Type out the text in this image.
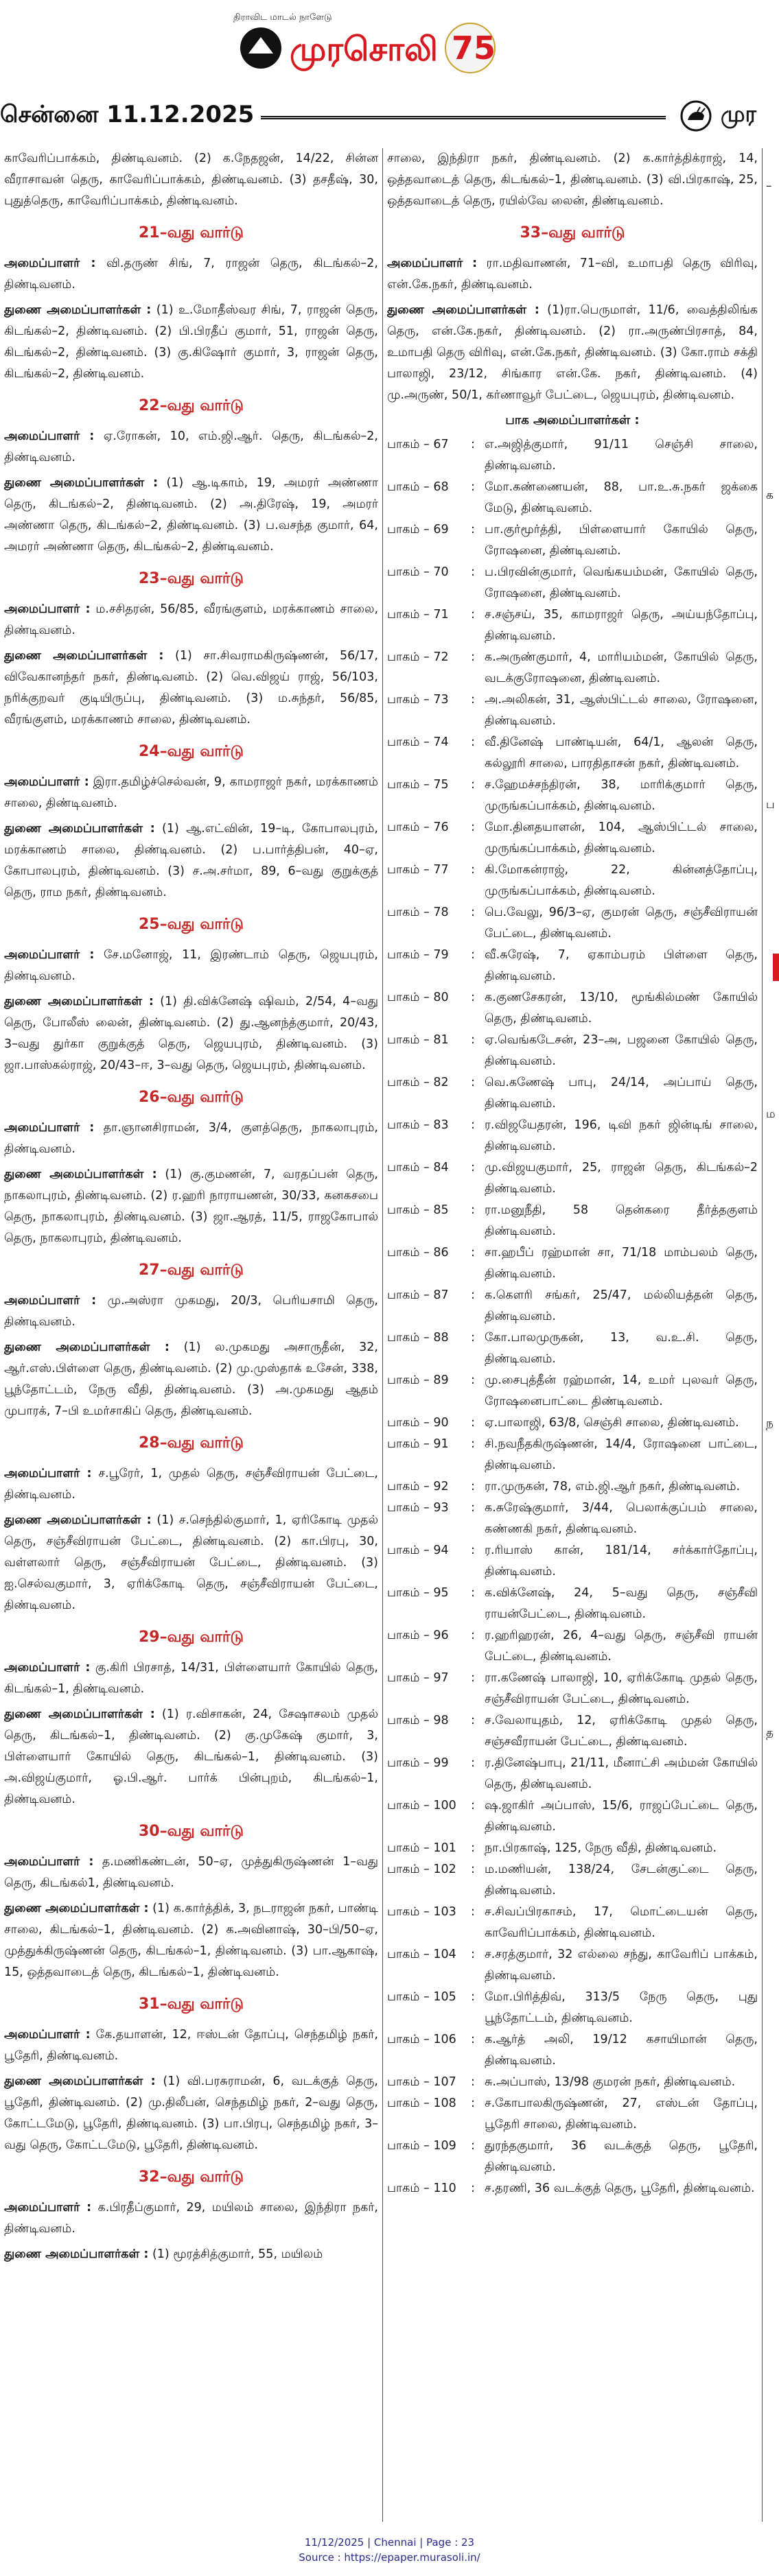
முரசொலி 75
திராவிட மாடல் நாளேடு
சென்னை 11.12.2025	முர

காவேரிப்பாக்கம், திண்டிவனம். (2) க.நேதஜன், 14/22, சின்ன வீராசாவன் தெரு, காவேரிப்பாக்கம், திண்டிவனம். (3) தசதீஷ், 30, புதுத்தெரு, காவேரிப்பாக்கம், திண்டிவனம்.

21–வது வார்டு

அமைப்பாளர் : வி.தருண் சிங், 7, ராஜன் தெரு, கிடங்கல்–2, திண்டிவனம்.

துணை அமைப்பாளர்கள் : (1) உ.மோதீஸ்வர சிங், 7, ராஜன் தெரு, கிடங்கல்–2, திண்டிவனம். (2) பி.பிரதீப் குமார், 51, ராஜன் தெரு, கிடங்கல்–2, திண்டிவனம். (3) கு.கிஷோர் குமார், 3, ராஜன் தெரு, கிடங்கல்–2, திண்டிவனம்.

22–வது வார்டு

அமைப்பாளர் : ஏ.ரோகன், 10, எம்.ஜி.ஆர். தெரு, கிடங்கல்–2, திண்டிவனம்.

துணை அமைப்பாளர்கள் : (1) ஆ.டிகாம், 19, அமரர் அண்ணா தெரு, கிடங்கல்–2, திண்டிவனம். (2) அ.திரேஷ், 19, அமரர் அண்ணா தெரு, கிடங்கல்–2, திண்டிவனம். (3) ப.வசந்த குமார், 64, அமரர் அண்ணா தெரு, கிடங்கல்–2, திண்டிவனம்.

23–வது வார்டு

அமைப்பாளர் : ம.சசிதரன், 56/85, வீரங்குளம், மரக்காணம் சாலை, திண்டிவனம்.

துணை அமைப்பாளர்கள் : (1) சா.சிவராமகிருஷ்ணன், 56/17, விவேகானந்தர் நகர், திண்டிவனம். (2) வெ.விஜய் ராஜ், 56/103, நரிக்குறவர் குடியிருப்பு, திண்டிவனம். (3) ம.சுந்தர், 56/85, வீரங்குளம், மரக்காணம் சாலை, திண்டிவனம்.

24–வது வார்டு

அமைப்பாளர் : இரா.தமிழ்ச்செல்வன், 9, காமராஜர் நகர், மரக்காணம் சாலை, திண்டிவனம்.

துணை அமைப்பாளர்கள் : (1) ஆ.எட்வின், 19–டி, கோபாலபுரம், மரக்காணம் சாலை, திண்டிவனம். (2) ப.பார்த்திபன், 40–ஏ, கோபாலபுரம், திண்டிவனம். (3) ச.அ.சர்மா, 89, 6–வது குறுக்குத் தெரு, ராம நகர், திண்டிவனம்.

25–வது வார்டு

அமைப்பாளர் : சே.மனோஜ், 11, இரண்டாம் தெரு, ஜெயபுரம், திண்டிவனம்.

துணை அமைப்பாளர்கள் : (1) தி.விக்னேஷ் ஷிவம், 2/54, 4–வது தெரு, போலீஸ் லைன், திண்டிவனம். (2) து.ஆனந்த்குமார், 20/43, 3–வது துர்கா குறுக்குத் தெரு, ஜெயபுரம், திண்டிவனம். (3) ஜா.பாஸ்கல்ராஜ், 20/43–ஈ, 3–வது தெரு, ஜெயபுரம், திண்டிவனம்.

26–வது வார்டு

அமைப்பாளர் : தா.ஞானசிராமன், 3/4, குளத்தெரு, நாகலாபுரம், திண்டிவனம்.

துணை அமைப்பாளர்கள் : (1) கு.குமணன், 7, வரதப்பன் தெரு, நாகலாபுரம், திண்டிவனம். (2) ர.ஹரி நாராயணன், 30/33, கனகசபை தெரு, நாகலாபுரம், திண்டிவனம். (3) ஜா.ஆரத், 11/5, ராஜகோபால் தெரு, நாகலாபுரம், திண்டிவனம்.

27–வது வார்டு

அமைப்பாளர் : மு.அஸ்ரா முகமது, 20/3, பெரியசாமி தெரு, திண்டிவனம்.

துணை அமைப்பாளர்கள் : (1) ல.முகமது அசாருதீன், 32, ஆர்.எஸ்.பிள்ளை தெரு, திண்டிவனம். (2) மு.முஸ்தாக் உசேன், 338, பூந்தோட்டம், நேரு வீதி, திண்டிவனம். (3) அ.முகமது ஆதம் முபாரக், 7–பி உமர்சாகிப் தெரு, திண்டிவனம்.

28–வது வார்டு

அமைப்பாளர் : ச.பூரேர், 1, முதல் தெரு, சஞ்சீவிராயன் பேட்டை, திண்டிவனம்.

துணை அமைப்பாளர்கள் : (1) ச.செந்தில்குமார், 1, ஏரிகோடி முதல் தெரு, சஞ்சீவிராயன் பேட்டை, திண்டிவனம். (2) கா.பிரபு, 30, வள்ளலார் தெரு, சஞ்சீவிராயன் பேட்டை, திண்டிவனம். (3) ஐ.செல்வகுமார், 3, ஏரிக்கோடி தெரு, சஞ்சீவிராயன் பேட்டை, திண்டிவனம்.

29–வது வார்டு

அமைப்பாளர் : கு.கிரி பிரசாத், 14/31, பிள்ளையார் கோயில் தெரு, கிடங்கல்–1, திண்டிவனம்.

துணை அமைப்பாளர்கள் : (1) ர.விசாகன், 24, சேஷாசலம் முதல் தெரு, கிடங்கல்–1, திண்டிவனம். (2) கு.முகேஷ் குமார், 3, பிள்ளையார் கோயில் தெரு, கிடங்கல்–1, திண்டிவனம். (3) அ.விஜய்குமார், ஓ.பி.ஆர். பார்க் பின்புறம், கிடங்கல்–1, திண்டிவனம்.

30–வது வார்டு

அமைப்பாளர் : த.மணிகண்டன், 50–ஏ, முத்துகிருஷ்ணன் 1–வது தெரு, கிடங்கல்1, திண்டிவனம்.

துணை அமைப்பாளர்கள் : (1) க.கார்த்திக், 3, நடராஜன் நகர், பாண்டி சாலை, கிடங்கல்–1, திண்டிவனம். (2) க.அவினாஷ், 30–பி/50–ஏ, முத்துக்கிருஷ்ணன் தெரு, கிடங்கல்–1, திண்டிவனம். (3) பா.ஆகாஷ், 15, ஒத்தவாடைத் தெரு, கிடங்கல்–1, திண்டிவனம்.

31–வது வார்டு

அமைப்பாளர் : கே.தயாளன், 12, ஈஸ்டன் தோப்பு, செந்தமிழ் நகர், பூதேரி, திண்டிவனம்.

துணை அமைப்பாளர்கள் : (1) வி.பரசுராமன், 6, வடக்குத் தெரு, பூதேரி, திண்டிவனம். (2) மு.திலீபன், செந்தமிழ் நகர், 2–வது தெரு, கோட்டமேடு, பூதேரி, திண்டிவனம். (3) பா.பிரபு, செந்தமிழ் நகர், 3–வது தெரு, கோட்டமேடு, பூதேரி, திண்டிவனம்.

32–வது வார்டு

அமைப்பாளர் : க.பிரதீப்குமார், 29, மயிலம் சாலை, இந்திரா நகர், திண்டிவனம்.

துணை அமைப்பாளர்கள் : (1) மூரத்சித்குமார், 55, மயிலம்

சாலை, இந்திரா நகர், திண்டிவனம். (2) க.கார்த்திக்ராஜ், 14, ஒத்தவாடைத் தெரு, கிடங்கல்–1, திண்டிவனம். (3) வி.பிரகாஷ், 25, ஒத்தவாடைத் தெரு, ரயில்வே லைன், திண்டிவனம்.

33–வது வார்டு

அமைப்பாளர் : ரா.மதிவாணன், 71–வி, உமாபதி தெரு விரிவு, என்.கே.நகர், திண்டிவனம்.

துணை அமைப்பாளர்கள் : (1)ரா.பெருமாள், 11/6, வைத்திலிங்க தெரு, என்.கே.நகர், திண்டிவனம். (2) ரா.அருண்பிரசாத், 84, உமாபதி தெரு விரிவு, என்.கே.நகர், திண்டிவனம். (3) கோ.ராம் சக்தி பாலாஜி, 23/12, சிங்கார என்.கே. நகர், திண்டிவனம். (4) மு.அருண், 50/1, கர்ணாவூர் பேட்டை, ஜெயபுரம், திண்டிவனம்.

பாக அமைப்பாளர்கள் :
பாகம் – 67	: எ.அஜித்குமார், 91/11 செஞ்சி சாலை, திண்டிவனம்.
பாகம் – 68	: மோ.கண்ணையன், 88, பா.உ.சு.நகர் ஜக்கை மேடு, திண்டிவனம்.
பாகம் – 69	: பா.குர்மூர்த்தி, பிள்ளையார் கோயில் தெரு, ரோஷனை, திண்டிவனம்.
பாகம் – 70	: ப.பிரவின்குமார், வெங்கயம்மன், கோயில் தெரு, ரோஷனை, திண்டிவனம்.
பாகம் – 71	: ச.சஞ்சய், 35, காமராஜர் தெரு, அய்யந்தோப்பு, திண்டிவனம்.
பாகம் – 72	: க.அருண்குமார், 4, மாரியம்மன், கோயில் தெரு, வடக்குரோஷனை, திண்டிவனம்.
பாகம் – 73	: அ.அலிகன், 31, ஆஸ்பிட்டல் சாலை, ரோஷனை, திண்டிவனம்.
பாகம் – 74	: வீ.தினேஷ் பாண்டியன், 64/1, ஆலன் தெரு, கல்லூரி சாலை, பாரதிதாசன் நகர், திண்டிவனம்.
பாகம் – 75	: ச.ஹேமச்சந்திரன், 38, மாரிக்குமார் தெரு, முருங்கப்பாக்கம், திண்டிவனம்.
பாகம் – 76	: மோ.தினதயாளன், 104, ஆஸ்பிட்டல் சாலை, முருங்கப்பாக்கம், திண்டிவனம்.
பாகம் – 77	: கி.மோகன்ராஜ், 22, கின்னத்தோப்பு, முருங்கப்பாக்கம், திண்டிவனம்.
பாகம் – 78	: பெ.வேலு, 96/3–ஏ, குமரன் தெரு, சஞ்சீவிராயன் பேட்டை, திண்டிவனம்.
பாகம் – 79	: வீ.சுரேஷ், 7, ஏகாம்பரம் பிள்ளை தெரு, திண்டிவனம்.
பாகம் – 80	: க.குணசேகரன், 13/10, மூங்கில்மண் கோயில் தெரு, திண்டிவனம்.
பாகம் – 81	: ஏ.வெங்கடேசன், 23–அ, பஜனை கோயில் தெரு, திண்டிவனம்.
பாகம் – 82	: வெ.கணேஷ் பாபு, 24/14, அப்பாய் தெரு, திண்டிவனம்.
பாகம் – 83	: ர.விஜயேதரன், 196, டிவி நகர் ஜின்டிங் சாலை, திண்டிவனம்.
பாகம் – 84	: மு.விஜயகுமார், 25, ராஜன் தெரு, கிடங்கல்–2 திண்டிவனம்.
பாகம் – 85	: ரா.மனுநீதி, 58 தென்கரை தீர்த்தகுளம் திண்டிவனம்.
பாகம் – 86	: சா.ஹபீப் ரஹ்மான் சா, 71/18 மாம்பலம் தெரு, திண்டிவனம்.
பாகம் – 87	: க.கௌரி சங்கர், 25/47, மல்லியத்தன் தெரு, திண்டிவனம்.
பாகம் – 88	: கோ.பாலமுருகன், 13, வ.உ.சி. தெரு, திண்டிவனம்.
பாகம் – 89	: மு.சைபுத்தீன் ரஹ்மான், 14, உமர் புலவர் தெரு, ரோஷனைபாட்டை திண்டிவனம்.
பாகம் – 90	: ஏ.பாலாஜி, 63/8, செஞ்சி சாலை, திண்டிவனம்.
பாகம் – 91	: சி.நவநீதகிருஷ்ணன், 14/4, ரோஷனை பாட்டை, திண்டிவனம்.
பாகம் – 92	: ரா.முருகன், 78, எம்.ஜி.ஆர் நகர், திண்டிவனம்.
பாகம் – 93	: க.சுரேஷ்குமார், 3/44, பெலாக்குப்பம் சாலை, கண்ணகி நகர், திண்டிவனம்.
பாகம் – 94	: ர.ரியாஸ் கான், 181/14, சர்க்கார்தோப்பு, திண்டிவனம்.
பாகம் – 95	: க.விக்னேஷ், 24, 5–வது தெரு, சஞ்சீவி ராயன்பேட்டை, திண்டிவனம்.
பாகம் – 96	: ர.ஹரிஹரன், 26, 4–வது தெரு, சஞ்சீவி ராயன் பேட்டை, திண்டிவனம்.
பாகம் – 97	: ரா.கணேஷ் பாலாஜி, 10, ஏரிக்கோடி முதல் தெரு, சஞ்சீவிராயன் பேட்டை, திண்டிவனம்.
பாகம் – 98	: ச.வேலாயுதம், 12, ஏரிக்கோடி முதல் தெரு, சஞ்சவீராயன் பேட்டை, திண்டிவனம்.
பாகம் – 99	: ர.தினேஷ்பாபு, 21/11, மீனாட்சி அம்மன் கோயில் தெரு, திண்டிவனம்.
பாகம் – 100	: ஷ.ஜாகிர் அப்பாஸ், 15/6, ராஜப்பேட்டை தெரு, திண்டிவனம்.
பாகம் – 101	: நா.பிரகாஷ், 125, நேரு வீதி, திண்டிவனம்.
பாகம் – 102	: ம.மணியன், 138/24, சேடன்குட்டை தெரு, திண்டிவனம்.
பாகம் – 103	: ச.சிவப்பிரகாசம், 17, மொட்டையன் தெரு, காவேரிப்பாக்கம், திண்டிவனம்.
பாகம் – 104	: ச.சரத்குமார், 32 எல்லை சந்து, காவேரிப் பாக்கம், திண்டிவனம்.
பாகம் – 105	: மோ.பிரித்திவ், 313/5 நேரு தெரு, புது பூந்தோட்டம், திண்டிவனம்.
பாகம் – 106	: க.ஆர்த் அலி, 19/12 கசாயிமான் தெரு, திண்டிவனம்.
பாகம் – 107	: சு.அப்பாஸ், 13/98 குமரன் நகர், திண்டிவனம்.
பாகம் – 108	: ச.கோபாலகிருஷ்ணன், 27, எஸ்டன் தோப்பு, பூதேரி சாலை, திண்டிவனம்.
பாகம் – 109	: துரந்தகுமார், 36 வடக்குத் தெரு, பூதேரி, திண்டிவனம்.
பாகம் – 110	: ச.தரணி, 36 வடக்குத் தெரு, பூதேரி, திண்டிவனம்.
–
க
ப
ம
ந
த
11/12/2025 | Chennai | Page : 23
Source : https://epaper.murasoli.in/
